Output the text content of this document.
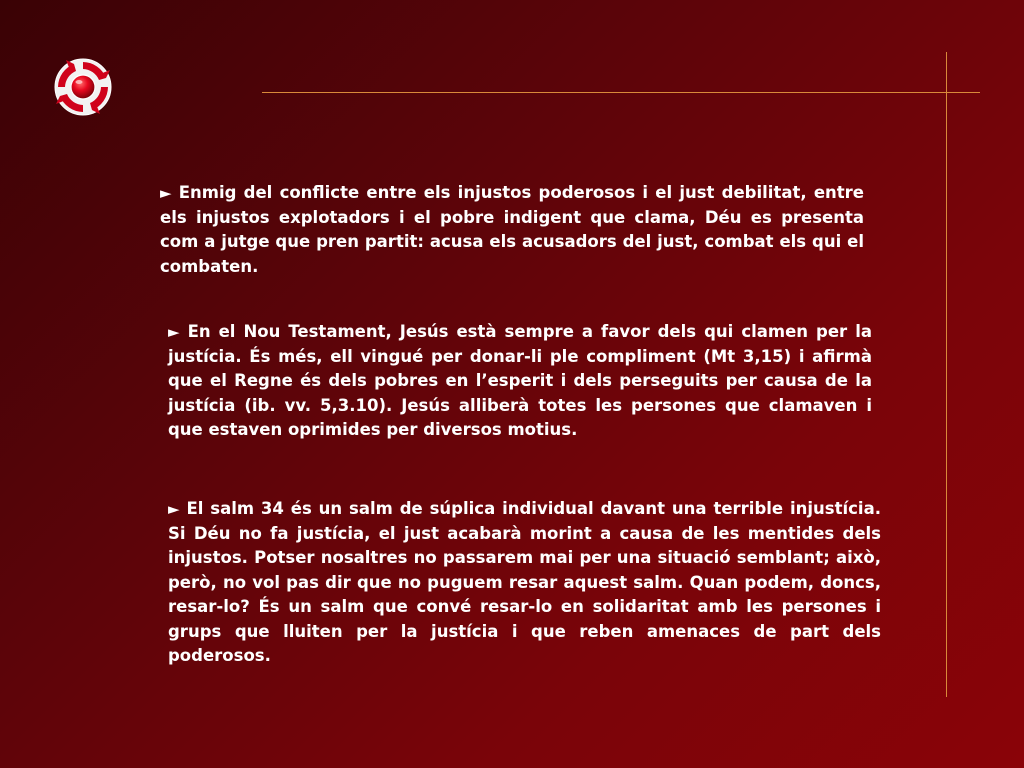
► Enmig del conflicte entre els injustos poderosos i el just debilitat, entre els injustos explotadors i el pobre indigent que clama, Déu es presenta com a jutge que pren partit: acusa els acusadors del just, combat els qui el combaten.

► En el Nou Testament, Jesús està sempre a favor dels qui clamen per la justícia. És més, ell vingué per donar-li ple compliment (Mt 3,15) i afirmà que el Regne és dels pobres en l’esperit i dels perseguits per causa de la justícia (ib. vv. 5,3.10). Jesús alliberà totes les persones que clamaven i que estaven oprimides per diversos motius.

► El salm 34 és un salm de súplica individual davant una terrible injustícia. Si Déu no fa justícia, el just acabarà morint a causa de les mentides dels injustos. Potser nosaltres no passarem mai per una situació semblant; això, però, no vol pas dir que no puguem resar aquest salm. Quan podem, doncs, resar-lo? És un salm que convé resar-lo en solidaritat amb les persones i grups que lluiten per la justícia i que reben amenaces de part dels poderosos.
